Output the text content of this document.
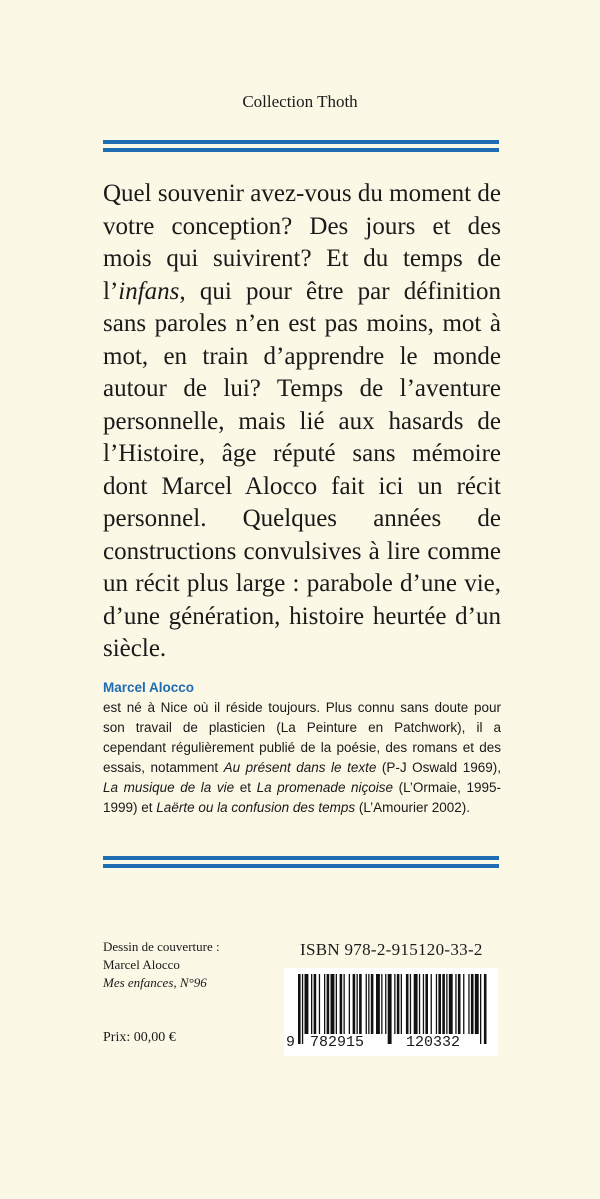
Collection Thoth

Quel souvenir avez-vous du moment de votre conception? Des jours et des mois qui suivirent? Et du temps de l’infans, qui pour être par définition sans paroles n’en est pas moins, mot à mot, en train d’apprendre le monde autour de lui? Temps de l’aventure personnelle, mais lié aux hasards de l’Histoire, âge réputé sans mémoire dont Marcel Alocco fait ici un récit personnel. Quelques années de constructions convulsives à lire comme un récit plus large : parabole d’une vie, d’une génération, histoire heurtée d’un siècle.

Marcel Alocco

est né à Nice où il réside toujours. Plus connu sans doute pour son travail de plasticien (La Peinture en Patchwork), il a cependant régulièrement publié de la poésie, des romans et des essais, notamment Au présent dans le texte (P-J Oswald 1969), La musique de la vie et La promenade niçoise (L’Ormaie, 1995-1999) et Laërte ou la confusion des temps (L’Amourier 2002).

Dessin de couverture :
Marcel Alocco
Mes enfances, N°96
Prix: 00,00 €
ISBN 978-2-915120-33-2
9 782915	120332
